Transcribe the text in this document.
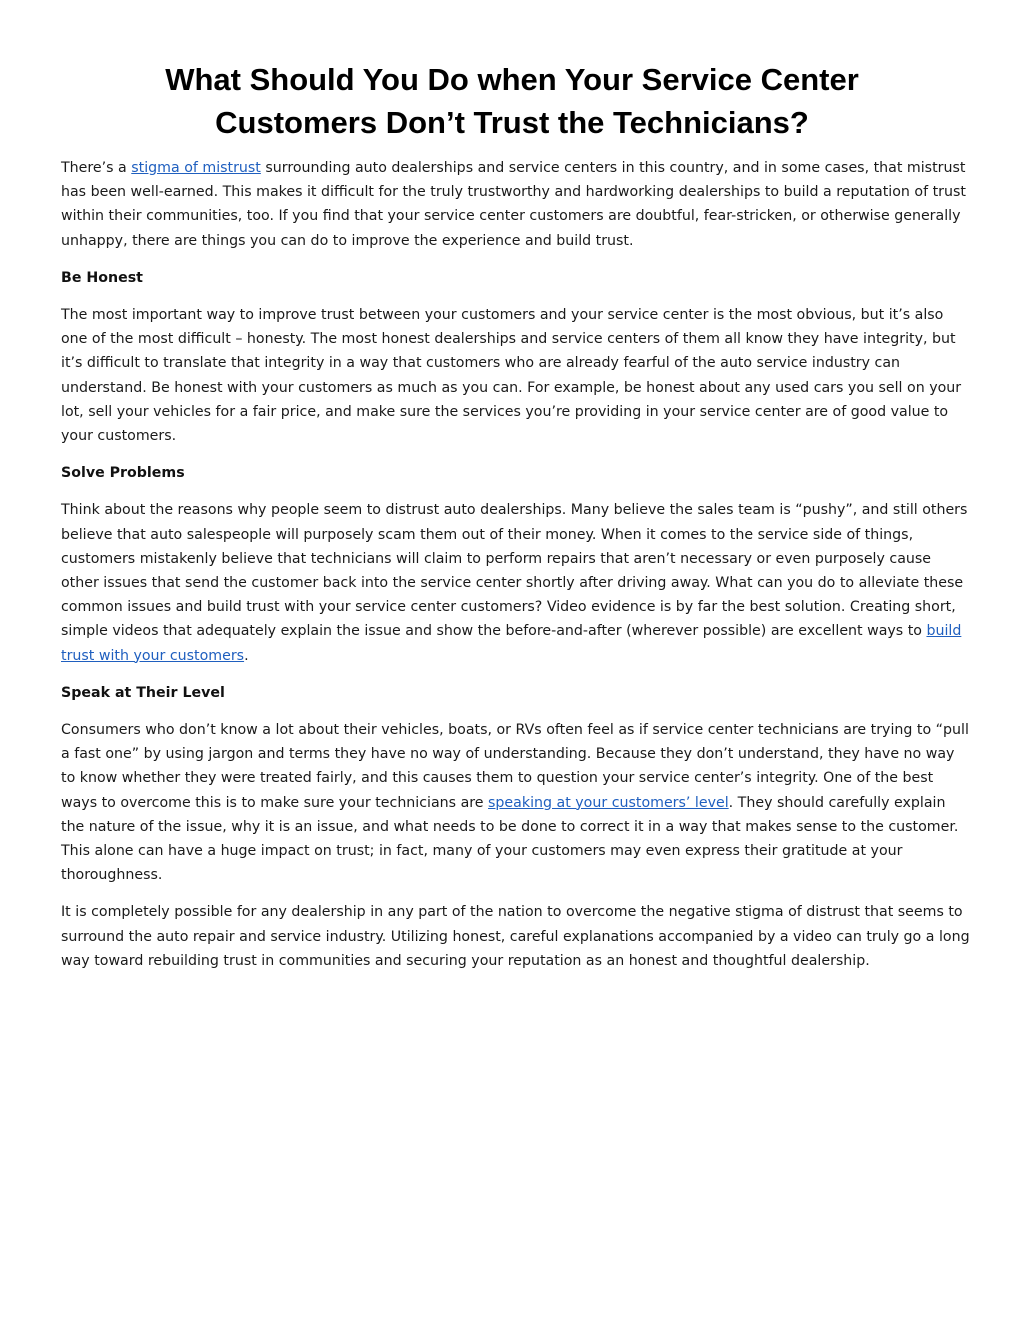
What Should You Do when Your Service Center
Customers Don’t Trust the Technicians?

There’s a stigma of mistrust surrounding auto dealerships and service centers in this country, and in some cases, that mistrust has been well-earned. This makes it difficult for the truly trustworthy and hardworking dealerships to build a reputation of trust within their communities, too. If you find that your service center customers are doubtful, fear-stricken, or otherwise generally unhappy, there are things you can do to improve the experience and build trust.

Be Honest

The most important way to improve trust between your customers and your service center is the most obvious, but it’s also one of the most difficult – honesty. The most honest dealerships and service centers of them all know they have integrity, but it’s difficult to translate that integrity in a way that customers who are already fearful of the auto service industry can understand. Be honest with your customers as much as you can. For example, be honest about any used cars you sell on your lot, sell your vehicles for a fair price, and make sure the services you’re providing in your service center are of good value to your customers.

Solve Problems

Think about the reasons why people seem to distrust auto dealerships. Many believe the sales team is “pushy”, and still others believe that auto salespeople will purposely scam them out of their money. When it comes to the service side of things, customers mistakenly believe that technicians will claim to perform repairs that aren’t necessary or even purposely cause other issues that send the customer back into the service center shortly after driving away. What can you do to alleviate these common issues and build trust with your service center customers? Video evidence is by far the best solution. Creating short, simple videos that adequately explain the issue and show the before-and-after (wherever possible) are excellent ways to build trust with your customers.

Speak at Their Level

Consumers who don’t know a lot about their vehicles, boats, or RVs often feel as if service center technicians are trying to “pull a fast one” by using jargon and terms they have no way of understanding. Because they don’t understand, they have no way to know whether they were treated fairly, and this causes them to question your service center’s integrity. One of the best ways to overcome this is to make sure your technicians are speaking at your customers’ level. They should carefully explain the nature of the issue, why it is an issue, and what needs to be done to correct it in a way that makes sense to the customer. This alone can have a huge impact on trust; in fact, many of your customers may even express their gratitude at your thoroughness.

It is completely possible for any dealership in any part of the nation to overcome the negative stigma of distrust that seems to surround the auto repair and service industry. Utilizing honest, careful explanations accompanied by a video can truly go a long way toward rebuilding trust in communities and securing your reputation as an honest and thoughtful dealership.
